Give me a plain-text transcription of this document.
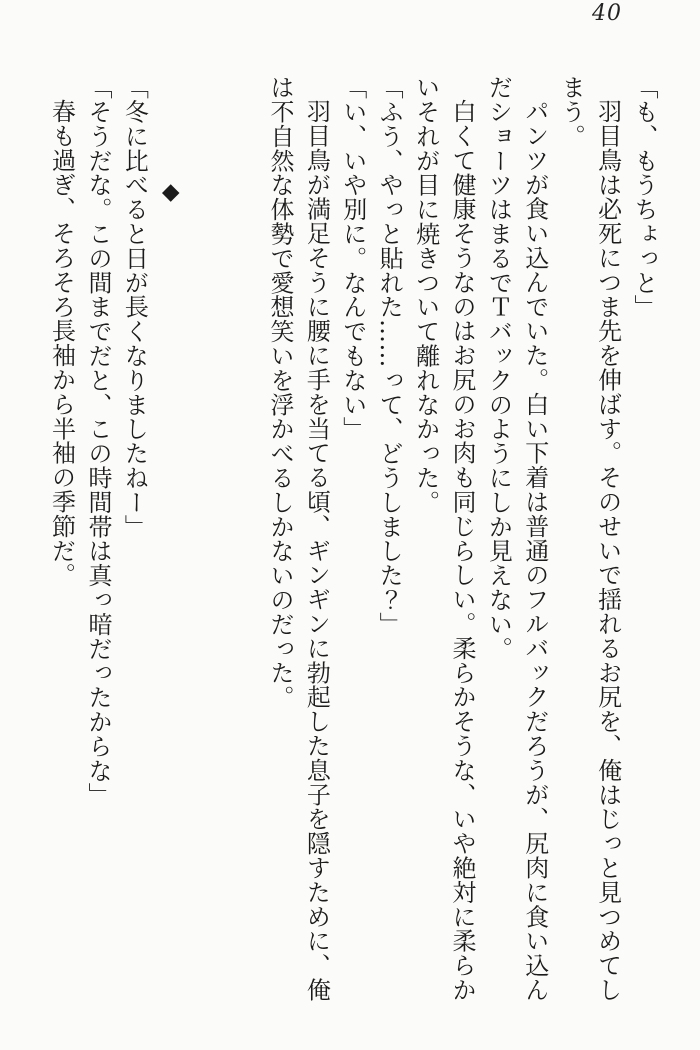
40

「も、もうちょっと」

羽目鳥は必死につま先を伸ばす。そのせいで揺れるお尻を、俺はじっと見つめてし

まう。

パンツが食い込んでいた。白い下着は普通のフルバックだろうが、尻肉に食い込ん

だショーツはまるでＴバックのようにしか見えない。

白くて健康そうなのはお尻のお肉も同じらしい。柔らかそうな、いや絶対に柔らか

いそれが目に焼きついて離れなかった。

「ふう、やっと貼れた……って、どうしました？」

「い、いや別に。なんでもない」

羽目鳥が満足そうに腰に手を当てる頃、ギンギンに勃起した息子を隠すために、俺

は不自然な体勢で愛想笑いを浮かべるしかないのだった。

◆

「冬に比べると日が長くなりましたねー」

「そうだな。この間までだと、この時間帯は真っ暗だったからな」

春も過ぎ、そろそろ長袖から半袖の季節だ。
